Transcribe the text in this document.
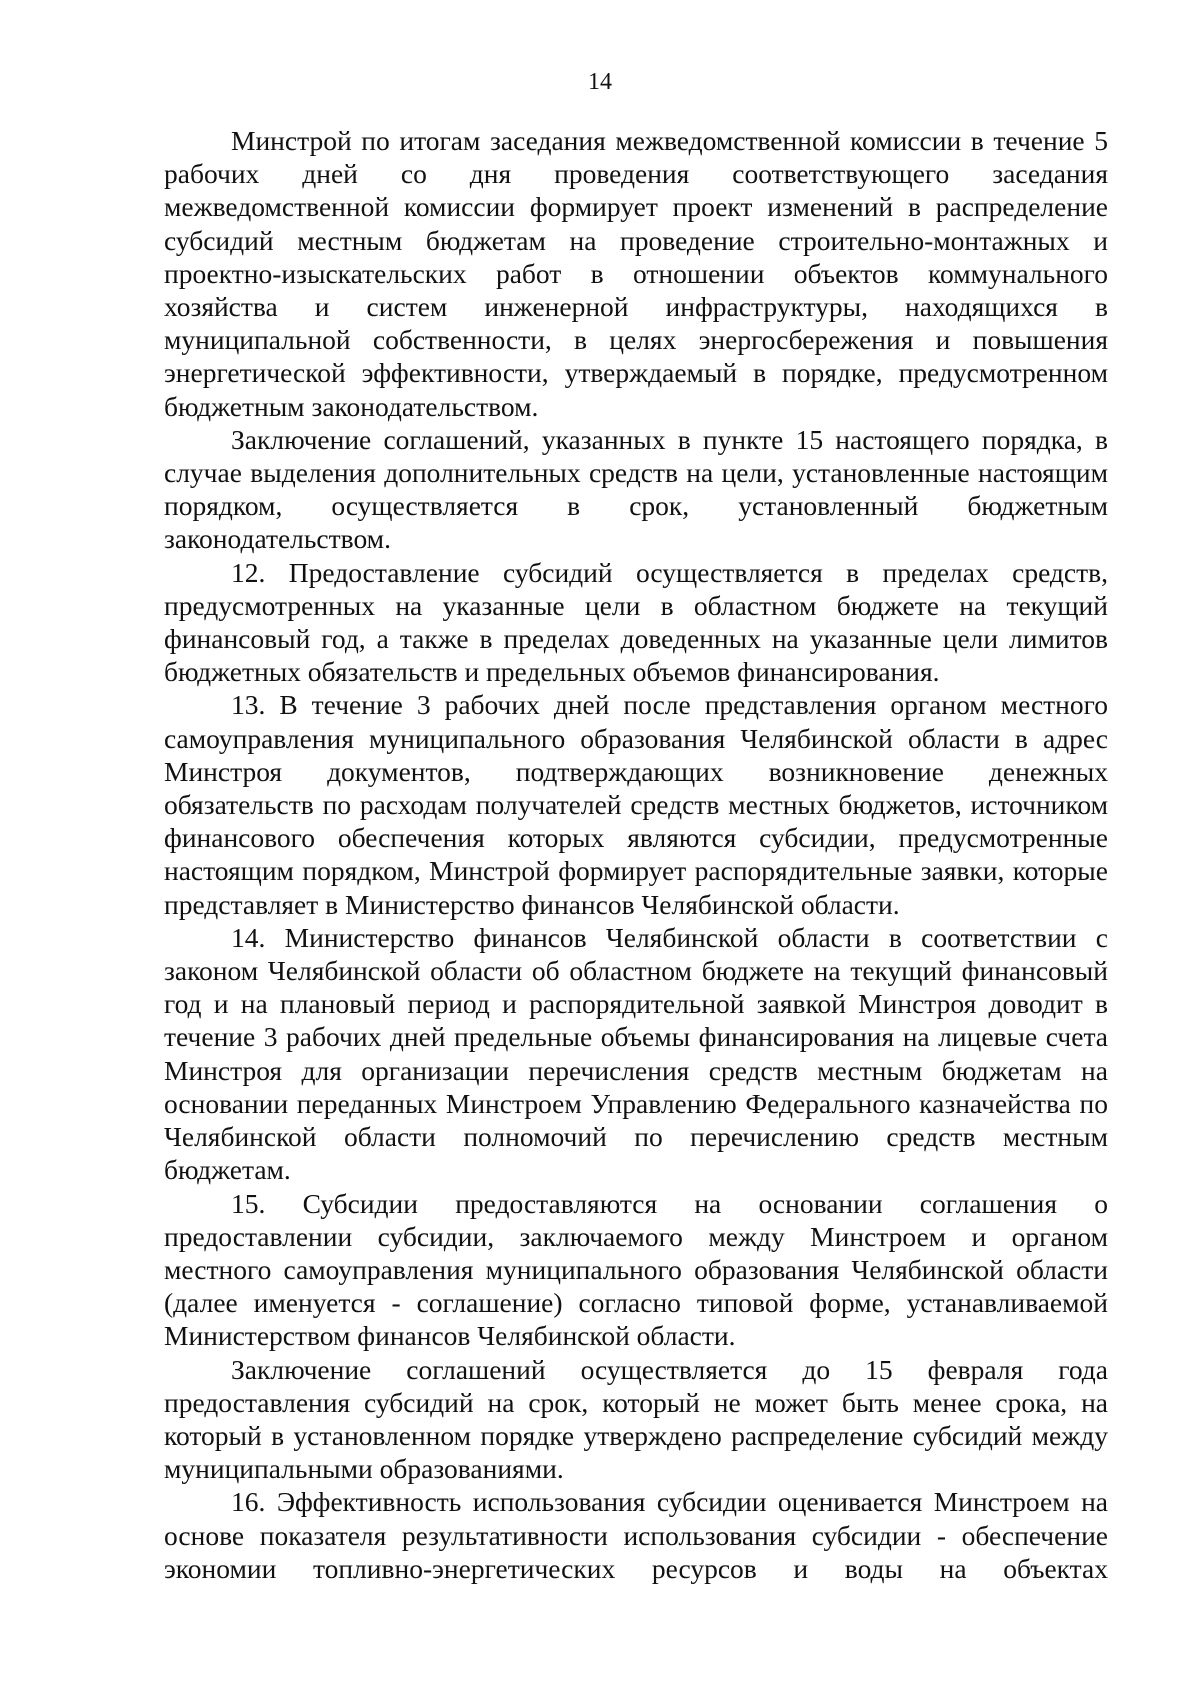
14

Минстрой по итогам заседания межведомственной комиссии в течение 5 рабочих дней со дня проведения соответствующего заседания межведомственной комиссии формирует проект изменений в распределение субсидий местным бюджетам на проведение строительно-монтажных и проектно-изыскательских работ в отношении объектов коммунального хозяйства и систем инженерной инфраструктуры, находящихся в муниципальной собственности, в целях энергосбережения и повышения энергетической эффективности, утверждаемый в порядке, предусмотренном бюджетным законодательством.

Заключение соглашений, указанных в пункте 15 настоящего порядка, в случае выделения дополнительных средств на цели, установленные настоящим порядком, осуществляется в срок, установленный бюджетным законодательством.

12. Предоставление субсидий осуществляется в пределах средств, предусмотренных на указанные цели в областном бюджете на текущий финансовый год, а также в пределах доведенных на указанные цели лимитов бюджетных обязательств и предельных объемов финансирования.

13. В течение 3 рабочих дней после представления органом местного самоуправления муниципального образования Челябинской области в адрес Минстроя документов, подтверждающих возникновение денежных обязательств по расходам получателей средств местных бюджетов, источником финансового обеспечения которых являются субсидии, предусмотренные настоящим порядком, Минстрой формирует распорядительные заявки, которые представляет в Министерство финансов Челябинской области.

14. Министерство финансов Челябинской области в соответствии с законом Челябинской области об областном бюджете на текущий финансовый год и на плановый период и распорядительной заявкой Минстроя доводит в течение 3 рабочих дней предельные объемы финансирования на лицевые счета Минстроя для организации перечисления средств местным бюджетам на основании переданных Минстроем Управлению Федерального казначейства по Челябинской области полномочий по перечислению средств местным бюджетам.

15. Субсидии предоставляются на основании соглашения о предоставлении субсидии, заключаемого между Минстроем и органом местного самоуправления муниципального образования Челябинской области (далее именуется - соглашение) согласно типовой форме, устанавливаемой Министерством финансов Челябинской области.

Заключение соглашений осуществляется до 15 февраля года предоставления субсидий на срок, который не может быть менее срока, на который в установленном порядке утверждено распределение субсидий между муниципальными образованиями.

16. Эффективность использования субсидии оценивается Минстроем на основе показателя результативности использования субсидии - обеспечение экономии топливно-энергетических ресурсов и воды на объектах
